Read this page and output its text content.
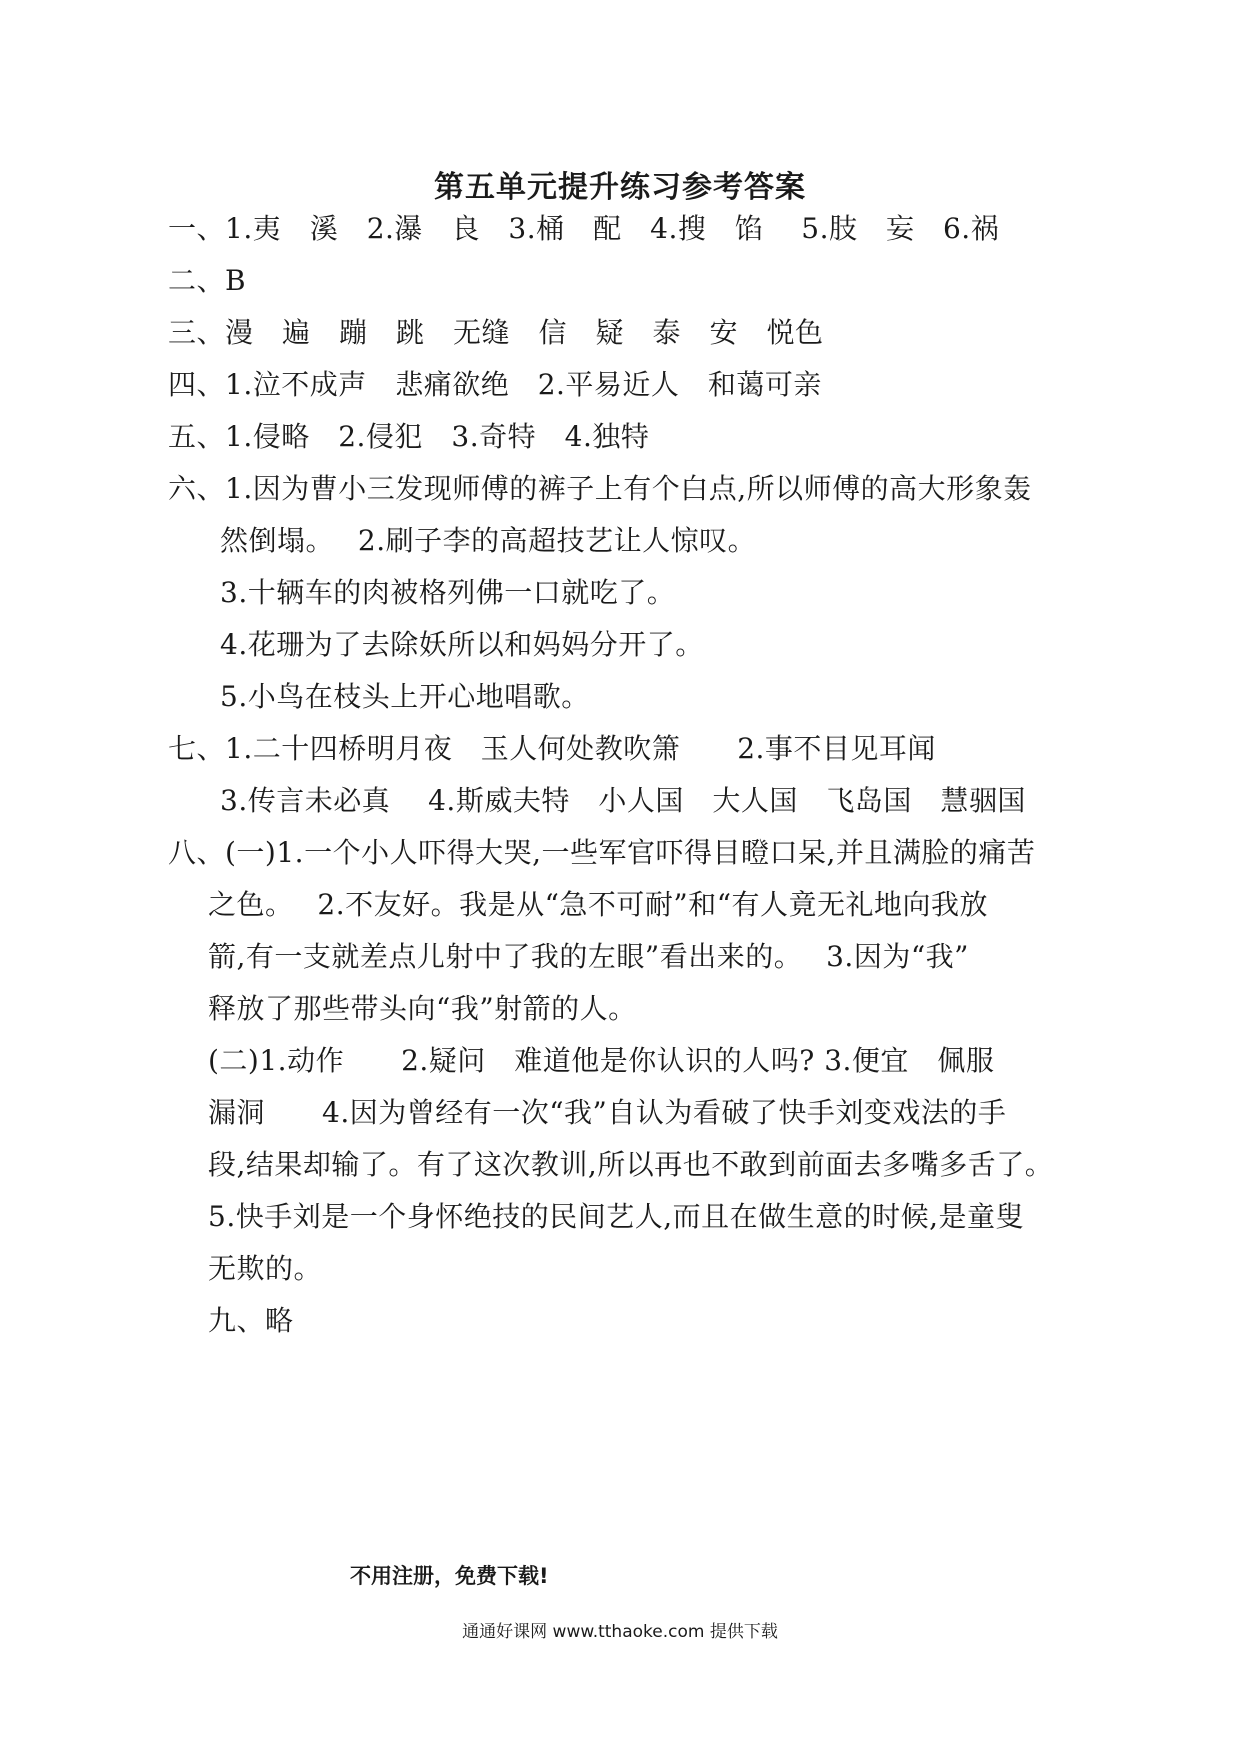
第五单元提升练习参考答案
一、1.夷　溪　2.瀑　良　3.桶　配　4.搜　馅　 5.肢　妄　6.祸
二、B
三、漫　遍　蹦　跳　无缝　信　疑　泰　安　悦色
四、1.泣不成声　悲痛欲绝　2.平易近人　和蔼可亲
五、1.侵略　2.侵犯　3.奇特　4.独特
六、1.因为曹小三发现师傅的裤子上有个白点,所以师傅的高大形象轰
然倒塌。　 2.刷子李的高超技艺让人惊叹。
3.十辆车的肉被格列佛一口就吃了。
4.花珊为了去除妖所以和妈妈分开了。
5.小鸟在枝头上开心地唱歌。
七、1.二十四桥明月夜　玉人何处教吹箫　　2.事不目见耳闻
3.传言未必真　 4.斯威夫特　小人国　大人国　飞岛国　慧骃国
八、(一)1.一个小人吓得大哭,一些军官吓得目瞪口呆,并且满脸的痛苦
之色。　 2.不友好。我是从“急不可耐”和“有人竟无礼地向我放
箭,有一支就差点儿射中了我的左眼”看出来的。　 3.因为“我”
释放了那些带头向“我”射箭的人。
(二)1.动作　　2.疑问　难道他是你认识的人吗? 3.便宜　佩服
漏洞　　4.因为曾经有一次“我”自认为看破了快手刘变戏法的手
段,结果却输了。有了这次教训,所以再也不敢到前面去多嘴多舌了。
5.快手刘是一个身怀绝技的民间艺人,而且在做生意的时候,是童叟
无欺的。
九、略
不用注册，免费下载!
通通好课网 www.tthaoke.com 提供下载
